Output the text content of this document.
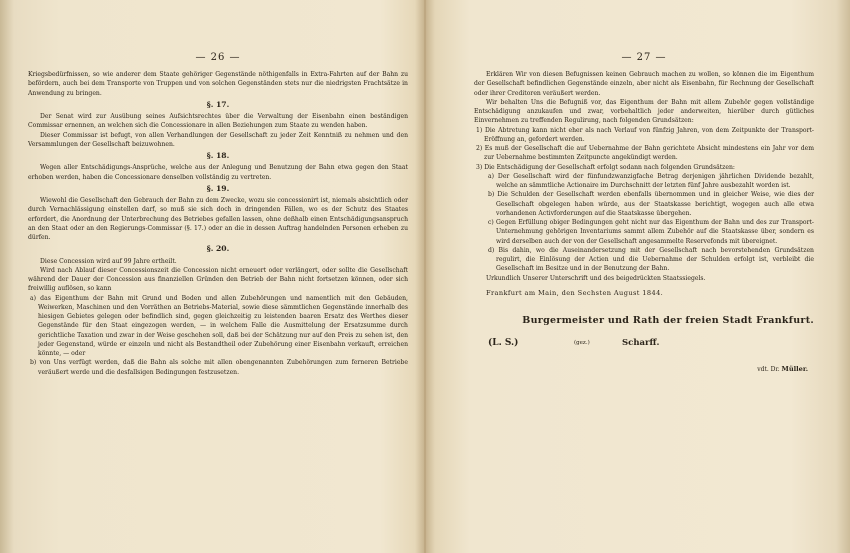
— 26 —

Kriegsbedürfnissen, so wie anderer dem Staate gehöriger Gegenstände nöthigenfalls in Extra-Fahrten auf der Bahn zu befördern, auch bei dem Transporte von Truppen und von solchen Gegenständen stets nur die niedrigsten Frachtsätze in Anwendung zu bringen.

§. 17.

Der Senat wird zur Ausübung seines Aufsichtsrechtes über die Verwaltung der Eisenbahn einen beständigen Commissar ernennen, an welchen sich die Concessionare in allen Beziehungen zum Staate zu wenden haben.

Dieser Commissar ist befugt, von allen Verhandlungen der Gesellschaft zu jeder Zeit Kenntniß zu nehmen und den Versammlungen der Gesellschaft beizuwohnen.

§. 18.

Wegen aller Entschädigungs-Ansprüche, welche aus der Anlegung und Benutzung der Bahn etwa gegen den Staat erhoben werden, haben die Concessionare denselben vollständig zu vertreten.

§. 19.

Wiewohl die Gesellschaft den Gebrauch der Bahn zu dem Zwecke, wozu sie concessionirt ist, niemals absichtlich oder durch Vernachlässigung einstellen darf, so muß sie sich doch in dringenden Fällen, wo es der Schutz des Staates erfordert, die Anordnung der Unterbrechung des Betriebes gefallen lassen, ohne deßhalb einen Entschädigungsanspruch an den Staat oder an den Regierungs-Commissar (§. 17.) oder an die in dessen Auftrag handelnden Personen erheben zu dürfen.

§. 20.

Diese Concession wird auf 99 Jahre ertheilt.

Wird nach Ablauf dieser Concessionszeit die Concession nicht erneuert oder verlängert, oder sollte die Gesellschaft während der Dauer der Concession aus finanziellen Gründen den Betrieb der Bahn nicht fortsetzen können, oder sich freiwillig auflösen, so kann

a) das Eigenthum der Bahn mit Grund und Boden und allen Zubehörungen und namentlich mit den Gebäuden, Weiwerken, Maschinen und den Vorräthen an Betriebs-Material, sowie diese sämmtlichen Gegenstände innerhalb des hiesigen Gebietes gelegen oder befindlich sind, gegen gleichzeitig zu leistenden baaren Ersatz des Werthes dieser Gegenstände für den Staat eingezogen werden, — in welchem Falle die Ausmittelung der Ersatzsumme durch gerichtliche Taxation und zwar in der Weise geschehen soll, daß bei der Schätzung nur auf den Preis zu sehen ist, den jeder Gegenstand, würde er einzeln und nicht als Bestandtheil oder Zubehörung einer Eisenbahn verkauft, erreichen könnte, — oder

b) von Uns verfügt werden, daß die Bahn als solche mit allen obengenannten Zubehörungen zum ferneren Betriebe veräußert werde und die desfallsigen Bedingungen festzusetzen.

— 27 —

Erklären Wir von diesen Befugnissen keinen Gebrauch machen zu wollen, so können die im Eigenthum der Gesellschaft befindlichen Gegenstände einzeln, aber nicht als Eisenbahn, für Rechnung der Gesellschaft oder ihrer Creditoren veräußert werden.

Wir behalten Uns die Befugniß vor, das Eigenthum der Bahn mit allem Zubehör gegen vollständige Entschädigung anzukaufen und zwar, vorbehaltlich jeder anderweiten, hierüber durch gütliches Einvernehmen zu treffenden Regulirung, nach folgenden Grundsätzen:

1) Die Abtretung kann nicht eher als nach Verlauf von fünfzig Jahren, von dem Zeitpunkte der Transport-Eröffnung an, gefordert werden.

2) Es muß der Gesellschaft die auf Uebernahme der Bahn gerichtete Absicht mindestens ein Jahr vor dem zur Uebernahme bestimmten Zeitpuncte angekündigt werden.

3) Die Entschädigung der Gesellschaft erfolgt sodann nach folgenden Grundsätzen:

a) Der Gesellschaft wird der fünfundzwanzigfache Betrag derjenigen jährlichen Dividende bezahlt, welche an sämmtliche Actionaire im Durchschnitt der letzten fünf Jahre ausbezahlt worden ist.

b) Die Schulden der Gesellschaft werden ebenfalls übernommen und in gleicher Weise, wie dies der Gesellschaft obgelegen haben würde, aus der Staatskasse berichtigt, wogegen auch alle etwa vorhandenen Activforderungen auf die Staatskasse übergehen.

c) Gegen Erfüllung obiger Bedingungen geht nicht nur das Eigenthum der Bahn und des zur Transport-Unternehmung gehörigen Inventariums sammt allem Zubehör auf die Staatskasse über, sondern es wird derselben auch der von der Gesellschaft angesammelte Reservefonds mit übereignet.

d) Bis dahin, wo die Auseinandersetzung mit der Gesellschaft nach bevorstehenden Grundsätzen regulirt, die Einlösung der Actien und die Uebernahme der Schulden erfolgt ist, verbleibt die Gesellschaft im Besitze und in der Benutzung der Bahn.

Urkundlich Unserer Unterschrift und des beigedrückten Staatssiegels.

Frankfurt am Main, den Sechsten August 1844.
Burgermeister und Rath der freien Stadt Frankfurt.
(L. S.)	(gez.)	Scharff.
vdt. Dr. Müller.
